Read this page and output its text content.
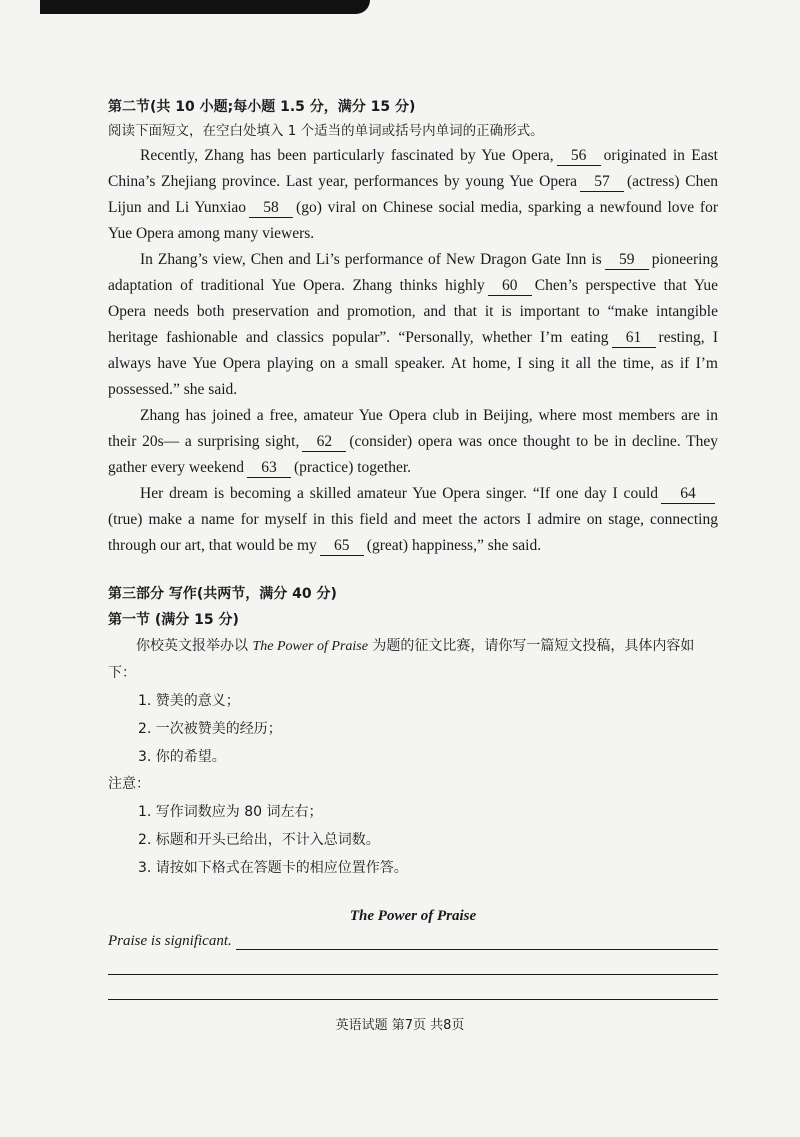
第二节(共 10 小题;每小题 1.5 分，满分 15 分)

阅读下面短文，在空白处填入 1 个适当的单词或括号内单词的正确形式。

Recently, Zhang has been particularly fascinated by Yue Opera, 56 originated in East China’s Zhejiang province. Last year, performances by young Yue Opera 57 (actress) Chen Lijun and Li Yunxiao 58 (go) viral on Chinese social media, sparking a newfound love for Yue Opera among many viewers.

In Zhang’s view, Chen and Li’s performance of New Dragon Gate Inn is 59 pioneering adaptation of traditional Yue Opera. Zhang thinks highly 60 Chen’s perspective that Yue Opera needs both preservation and promotion, and that it is important to “make intangible heritage fashionable and classics popular”. “Personally, whether I’m eating 61 resting, I always have Yue Opera playing on a small speaker. At home, I sing it all the time, as if I’m possessed.” she said.

Zhang has joined a free, amateur Yue Opera club in Beijing, where most members are in their 20s— a surprising sight, 62 (consider) opera was once thought to be in decline. They gather every weekend 63 (practice) together.

Her dream is becoming a skilled amateur Yue Opera singer. “If one day I could 64(true) make a name for myself in this field and meet the actors I admire on stage, connecting through our art, that would be my 65 (great) happiness,” she said.

第三部分 写作(共两节，满分 40 分)

第一节 (满分 15 分)

你校英文报举办以 The Power of Praise 为题的征文比赛，请你写一篇短文投稿，具体内容如下：

1. 赞美的意义；
2. 一次被赞美的经历；
3. 你的希望。

注意：

1. 写作词数应为 80 词左右；
2. 标题和开头已给出，不计入总词数。
3. 请按如下格式在答题卡的相应位置作答。

The Power of Praise

Praise is significant.
英语试题 第7页 共8页
